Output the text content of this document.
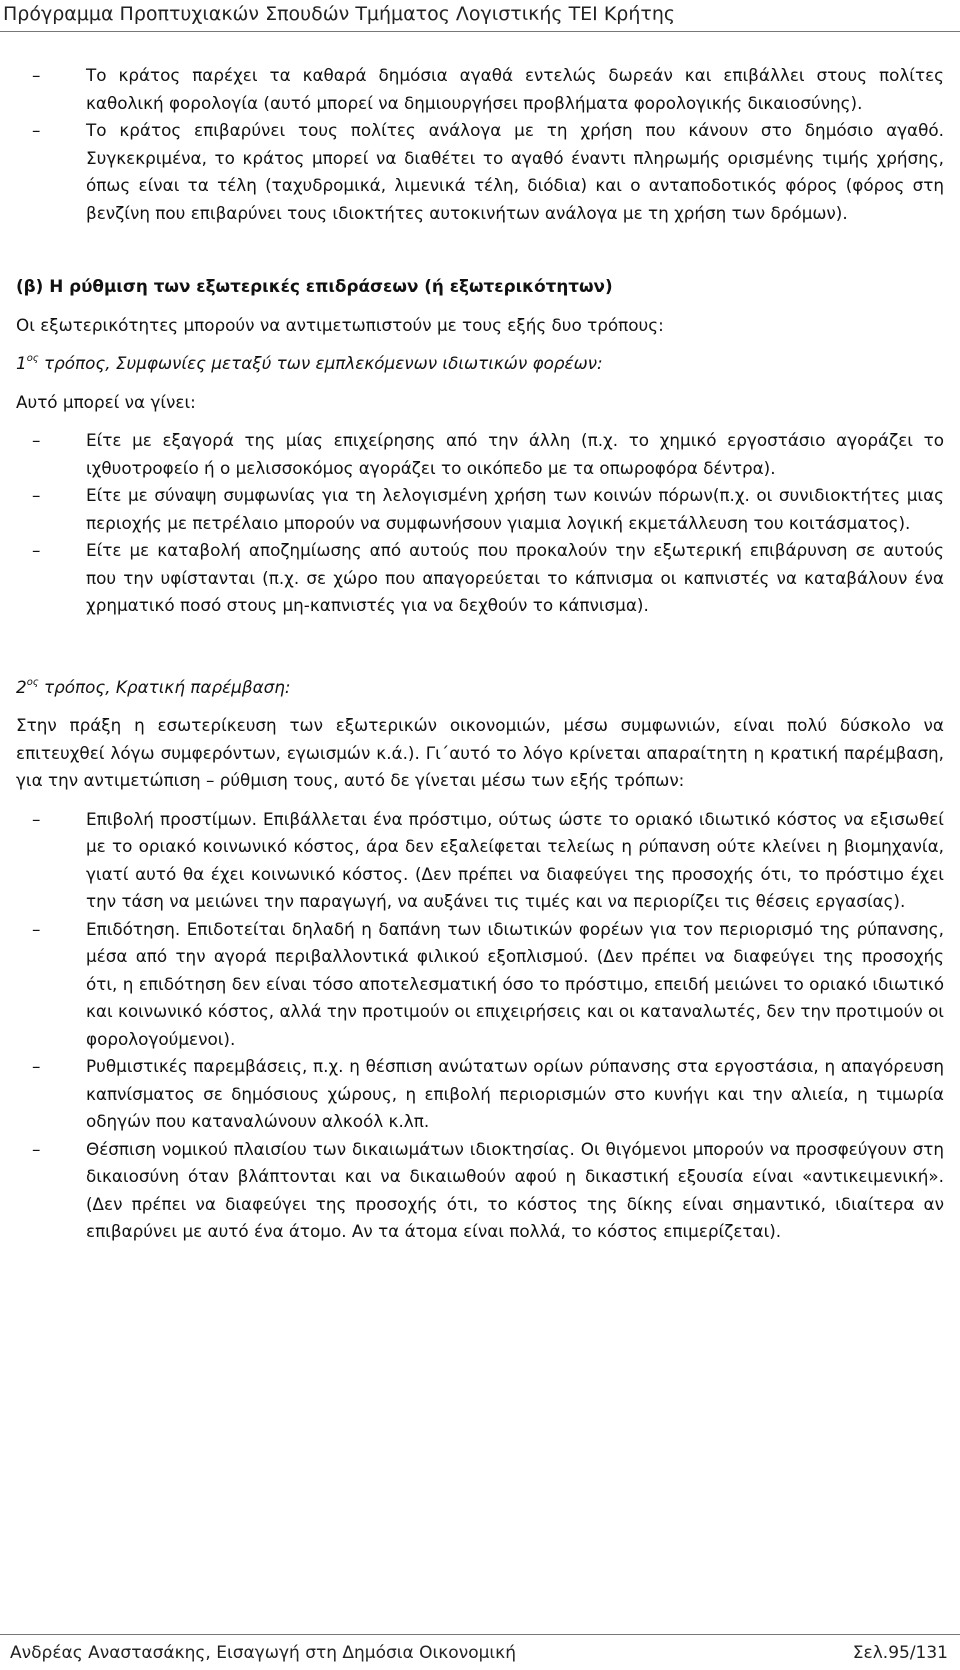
Πρόγραμμα Προπτυχιακών Σπουδών Τμήματος Λογιστικής ΤΕΙ Κρήτης
–	Το κράτος παρέχει τα καθαρά δημόσια αγαθά εντελώς δωρεάν και επιβάλλει στους πολίτες καθολική φορολογία (αυτό μπορεί να δημιουργήσει προβλήματα φορολογικής δικαιοσύνης).
–	Το κράτος επιβαρύνει τους πολίτες ανάλογα με τη χρήση που κάνουν στο δημόσιο αγαθό. Συγκεκριμένα, το κράτος μπορεί να διαθέτει το αγαθό έναντι πληρωμής ορισμένης τιμής χρήσης, όπως είναι τα τέλη (ταχυδρομικά, λιμενικά τέλη, διόδια) και ο ανταποδοτικός φόρος (φόρος στη βενζίνη που επιβαρύνει τους ιδιοκτήτες αυτοκινήτων ανάλογα με τη χρήση των δρόμων).
(β) Η ρύθμιση των εξωτερικές επιδράσεων (ή εξωτερικότητων)
Οι εξωτερικότητες μπορούν να αντιμετωπιστούν με τους εξής δυο τρόπους:
$1^{o\varsigma}$ τρόπος, Συμφωνίες μεταξύ των εμπλεκόμενων ιδιωτικών φορέων:
Αυτό μπορεί να γίνει:
–	Είτε με εξαγορά της μίας επιχείρησης από την άλλη (π.χ. το χημικό εργοστάσιο αγοράζει το ιχθυοτροφείο ή ο μελισσοκόμος αγοράζει το οικόπεδο με τα οπωροφόρα δέντρα).
–	Είτε με σύναψη συμφωνίας για τη λελογισμένη χρήση των κοινών πόρων(π.χ. οι συνιδιοκτήτες μιας περιοχής με πετρέλαιο μπορούν να συμφωνήσουν γιαμια λογική εκμετάλλευση του κοιτάσματος).
–	Είτε με καταβολή αποζημίωσης από αυτούς που προκαλούν την εξωτερική επιβάρυνση σε αυτούς που την υφίστανται (π.χ. σε χώρο που απαγορεύεται το κάπνισμα οι καπνιστές να καταβάλουν ένα χρηματικό ποσό στους μη-καπνιστές για να δεχθούν το κάπνισμα).
$2^{o\varsigma}$ τρόπος, Κρατική παρέμβαση:
Στην πράξη η εσωτερίκευση των εξωτερικών οικονομιών, μέσω συμφωνιών, είναι πολύ δύσκολο να επιτευχθεί λόγω συμφερόντων, εγωισμών κ.ά.). Γι΄αυτό το λόγο κρίνεται απαραίτητη η κρατική παρέμβαση, για την αντιμετώπιση – ρύθμιση τους, αυτό δε γίνεται μέσω των εξής τρόπων:
–	Επιβολή προστίμων. Επιβάλλεται ένα πρόστιμο, ούτως ώστε το οριακό ιδιωτικό κόστος να εξισωθεί με το οριακό κοινωνικό κόστος, άρα δεν εξαλείφεται τελείως η ρύπανση ούτε κλείνει η βιομηχανία, γιατί αυτό θα έχει κοινωνικό κόστος. (Δεν πρέπει να διαφεύγει της προσοχής ότι, το πρόστιμο έχει την τάση να μειώνει την παραγωγή, να αυξάνει τις τιμές και να περιορίζει τις θέσεις εργασίας).
–	Επιδότηση. Επιδοτείται δηλαδή η δαπάνη των ιδιωτικών φορέων για τον περιορισμό της ρύπανσης, μέσα από την αγορά περιβαλλοντικά φιλικού εξοπλισμού. (Δεν πρέπει να διαφεύγει της προσοχής ότι, η επιδότηση δεν είναι τόσο αποτελεσματική όσο το πρόστιμο, επειδή μειώνει το οριακό ιδιωτικό και κοινωνικό κόστος, αλλά την προτιμούν οι επιχειρήσεις και οι καταναλωτές, δεν την προτιμούν οι φορολογούμενοι).
–	Ρυθμιστικές παρεμβάσεις, π.χ. η θέσπιση ανώτατων ορίων ρύπανσης στα εργοστάσια, η απαγόρευση καπνίσματος σε δημόσιους χώρους, η επιβολή περιορισμών στο κυνήγι και την αλιεία, η τιμωρία οδηγών που καταναλώνουν αλκοόλ κ.λπ.
–	Θέσπιση νομικού πλαισίου των δικαιωμάτων ιδιοκτησίας. Οι θιγόμενοι μπορούν να προσφεύγουν στη δικαιοσύνη όταν βλάπτονται και να δικαιωθούν αφού η δικαστική εξουσία είναι «αντικειμενική». (Δεν πρέπει να διαφεύγει της προσοχής ότι, το κόστος της δίκης είναι σημαντικό, ιδιαίτερα αν επιβαρύνει με αυτό ένα άτομο. Αν τα άτομα είναι πολλά, το κόστος επιμερίζεται).
Ανδρέας Αναστασάκης, Εισαγωγή στη Δημόσια Οικονομική	Σελ.95/131
